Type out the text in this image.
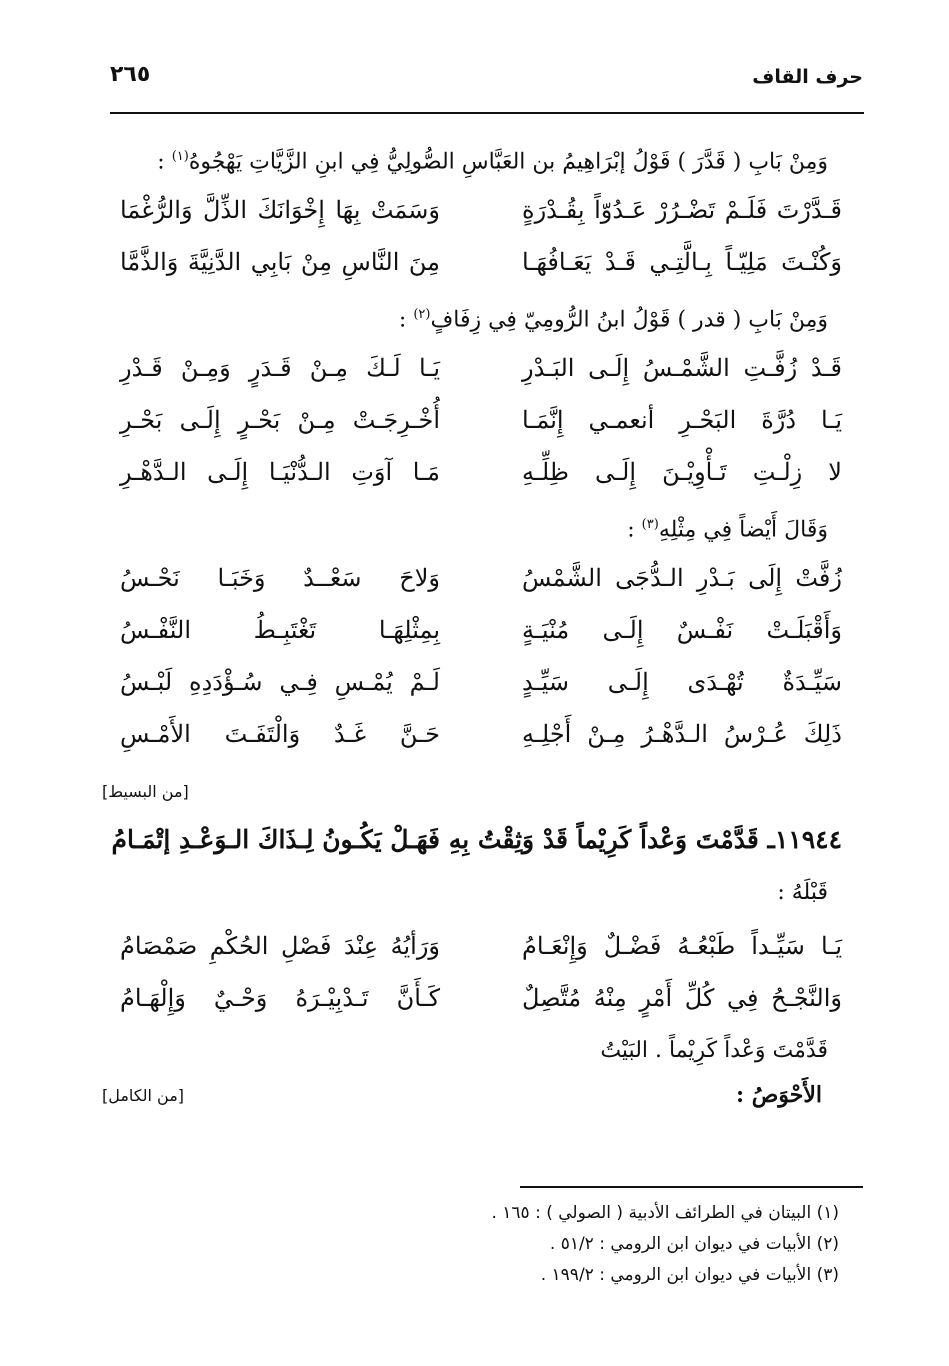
٢٦٥	حرف القاف
وَمِنْ بَابِ ( قَدَّرَ ) قَوْلُ إبْرَاهِيمُ بن العَبَّاسِ الصُّولِيُّ فِي ابنِ الزَّيَّاتِ يَهْجُوهُ$^{(١)}$ :
قَـدَّرْتَ فَلَـمْ تَضْـرُرْ عَـدُوّاً بِقُـدْرَةٍ
وَسَمَتْ بِهَا إِخْوَانَكَ الذِّلَّ وَالرُّغْمَا
وَكُنْـتَ مَلِيّـاً بِـالَّتِـي قَـدْ يَعَـافُهَـا
مِنَ النَّاسِ مِنْ بَابِي الدَّنِيَّةَ وَالذَّمَّا
وَمِنْ بَابِ ( قدر ) قَوْلُ ابنُ الرُّومِيّ فِي زِفَافٍ$^{(٢)}$ :
قَـدْ زُفَّـتِ الشَّمْـسُ إِلَـى البَـدْرِ
يَـا لَـكَ مِـنْ قَـدَرٍ وَمِـنْ قَـدْرِ
يَـا دُرَّةَ البَحْـرِ أنعمـي إِنَّمَـا
أُخْـرِجَـتْ مِـنْ بَحْـرٍ إِلَـى بَحْـرِ
لا زِلْـتِ تَـأْوِيْـنَ إِلَـى ظِلِّـهِ
مَـا آوَتِ الـدُّنْيَـا إِلَـى الـدَّهْـرِ
وَقَالَ أَيْضاً فِي مِثْلِهِ$^{(٣)}$ :
زُفَّتْ إِلَى بَـدْرِ الـدُّجَى الشَّمْسُ
وَلاحَ سَعْــدٌ وَخَبَـا نَحْـسُ
وَأَقْبَلَـتْ نَفْـسٌ إِلَـى مُنْيَـةٍ
بِمِثْلِهَـا تَغْتَبِـطُ النَّفْـسُ
سَيِّـدَةٌ تُهْـدَى إِلَـى سَيِّـدٍ
لَـمْ يُمْـسِ فِـي سُـؤْدَدِهِ لَبْـسُ
ذَلِكَ عُـرْسُ الـدَّهْـرُ مِـنْ أَجْلِـهِ
حَـنَّ غَـدٌ وَالْتَفَـتَ الأَمْـسِ
[من البسيط]
١١٩٤٤ـ قَدَّمْتَ وَعْداً كَرِيْماً قَدْ وَثِقْتُ بِهِ
فَهَـلْ يَكُـونُ لِـذَاكَ الـوَعْـدِ إتْمَـامُ
قَبْلَهُ :
يَـا سَيِّـداً طَبْعُـهُ فَضْـلٌ وَإِنْعَـامُ
وَرَأيُهُ عِنْدَ فَصْلِ الحُكْمِ صَمْصَامُ
وَالنَّجْـحُ فِي كُلِّ أَمْرٍ مِنْهُ مُتَّصِلٌ
كَـأَنَّ تَـدْبِيْـرَهُ وَحْـيٌ وَإِلْهَـامُ
قَدَّمْتَ وَعْداً كَرِيْماً . البَيْتُ
الأَحْوَصُ :
[من الكامل]
(١) البيتان في الطرائف الأدبية ( الصولي ) : ١٦٥ .
(٢) الأبيات في ديوان ابن الرومي : ٥١/٢ .
(٣) الأبيات في ديوان ابن الرومي : ١٩٩/٢ .
